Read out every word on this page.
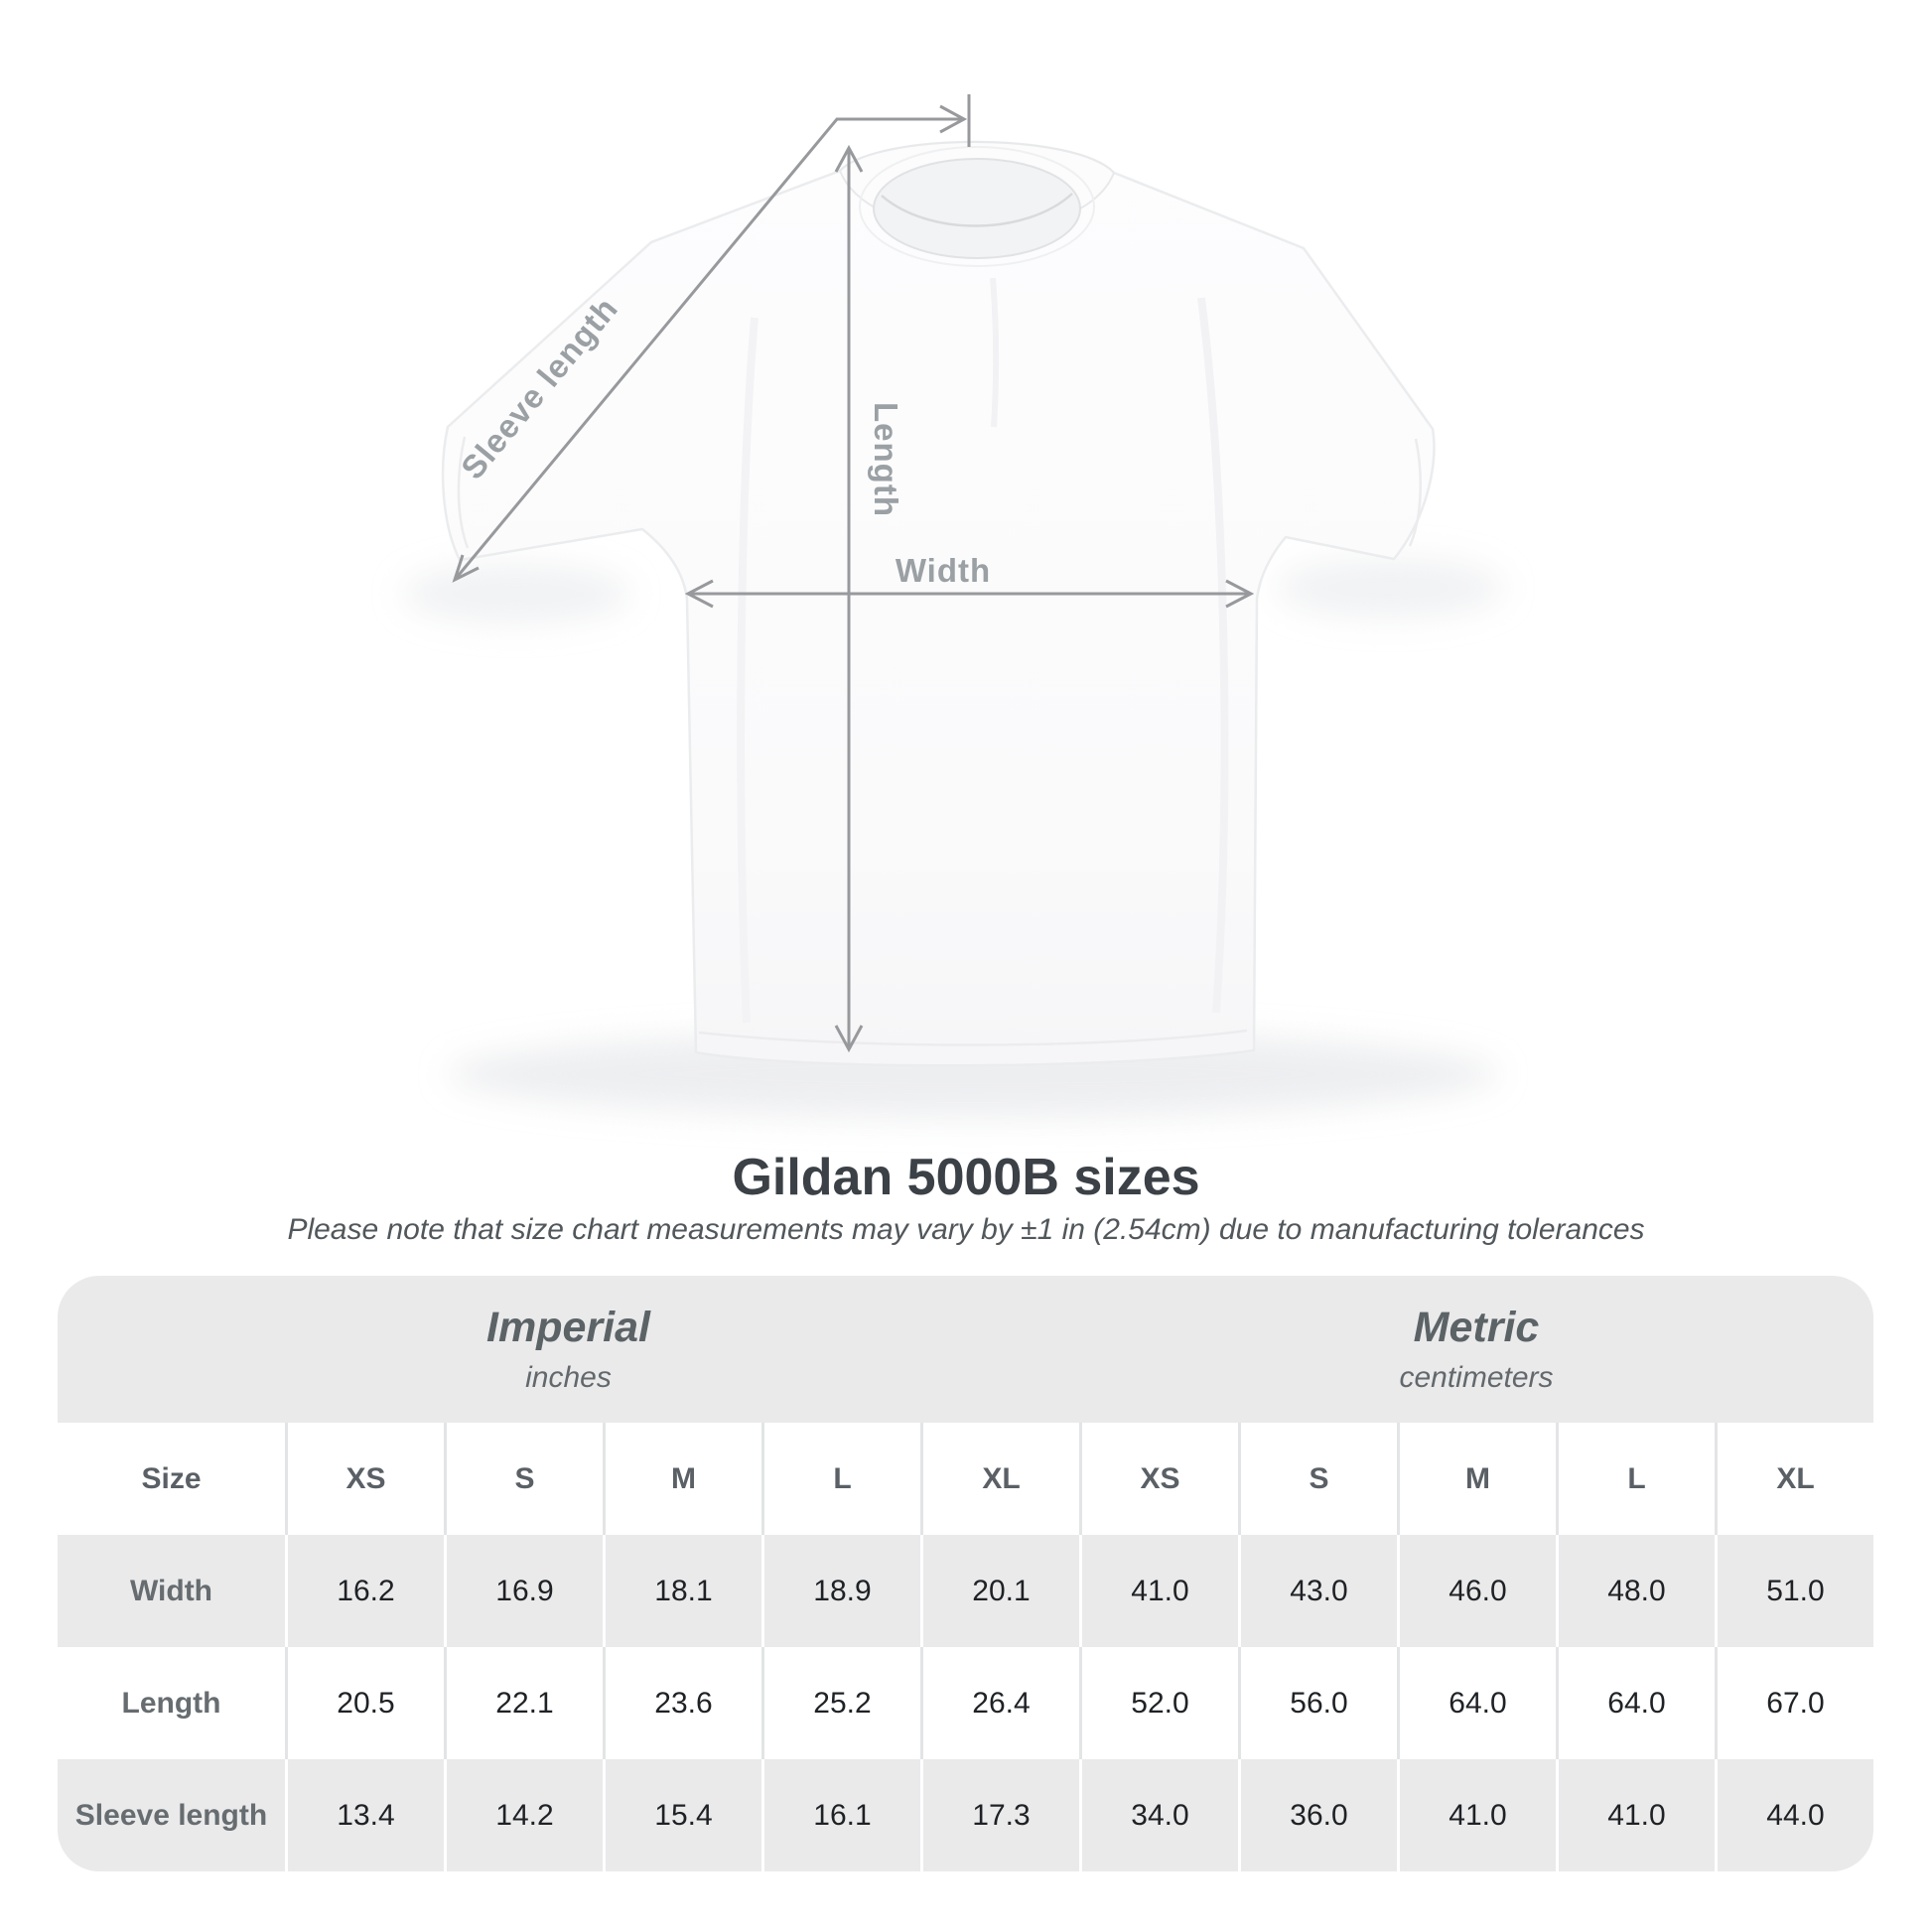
Width
Length
Sleeve length
Gildan 5000B sizes
Please note that size chart measurements may vary by ±1 in (2.54cm) due to manufacturing tolerances
Imperial
inches
Metric
centimeters
Size	XS	S	M	L	XL	XS	S	M	L	XL
Width	16.2	16.9	18.1	18.9	20.1	41.0	43.0	46.0	48.0	51.0
Length	20.5	22.1	23.6	25.2	26.4	52.0	56.0	64.0	64.0	67.0
Sleeve length	13.4	14.2	15.4	16.1	17.3	34.0	36.0	41.0	41.0	44.0
